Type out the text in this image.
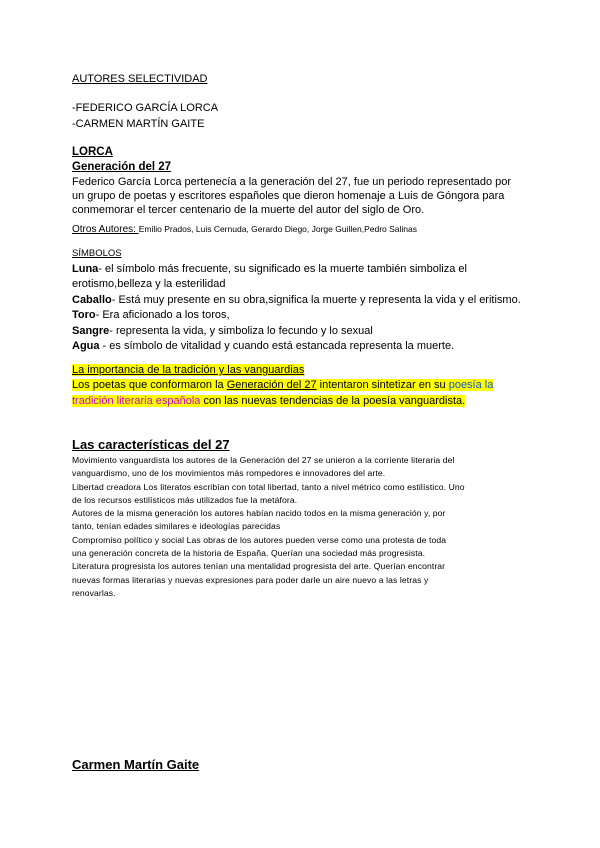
AUTORES SELECTIVIDAD
-FEDERICO GARCÍA LORCA
-CARMEN MARTÍN GAITE
LORCA
Generación del 27
Federico García Lorca pertenecía a la generación del 27, fue un periodo representado por
un grupo de poetas y escritores españoles que dieron homenaje a Luis de Góngora para
conmemorar el tercer centenario de la muerte del autor del siglo de Oro.
Otros Autores: Emilio Prados, Luis Cernuda, Gerardo Diego, Jorge Guillen,Pedro Salinas
SÍMBOLOS
Luna- el símbolo más frecuente, su significado es la muerte también simboliza el
erotismo,belleza y la esterilidad
Caballo- Está muy presente en su obra,significa la muerte y representa la vida y el eritismo.
Toro- Era aficionado a los toros,
Sangre- representa la vida, y simboliza lo fecundo y lo sexual
Agua - es símbolo de vitalidad y cuando está estancada representa la muerte.
La importancia de la tradición y las vanguardias
Los poetas que conformaron la Generación del 27 intentaron sintetizar en su poesía la
tradición literaria española con las nuevas tendencias de la poesía vanguardista.
Las características del 27
Movimiento vanguardista los autores de la Generación del 27 se unieron a la corriente literaria del
vanguardismo, uno de los movimientos más rompedores e innovadores del arte.
Libertad creadora Los literatos escribían con total libertad, tanto a nivel métrico como estilístico. Uno
de los recursos estilísticos más utilizados fue la metáfora.
Autores de la misma generación los autores habían nacido todos en la misma generación y, por
tanto, tenían edades similares e ideologías parecidas
Compromiso político y social Las obras de los autores pueden verse como una protesta de toda
una generación concreta de la historia de España. Querían una sociedad más progresista.
Literatura progresista los autores tenían una mentalidad progresista del arte. Querían encontrar
nuevas formas literarias y nuevas expresiones para poder darle un aire nuevo a las letras y
renovarlas.
Carmen Martín Gaite
